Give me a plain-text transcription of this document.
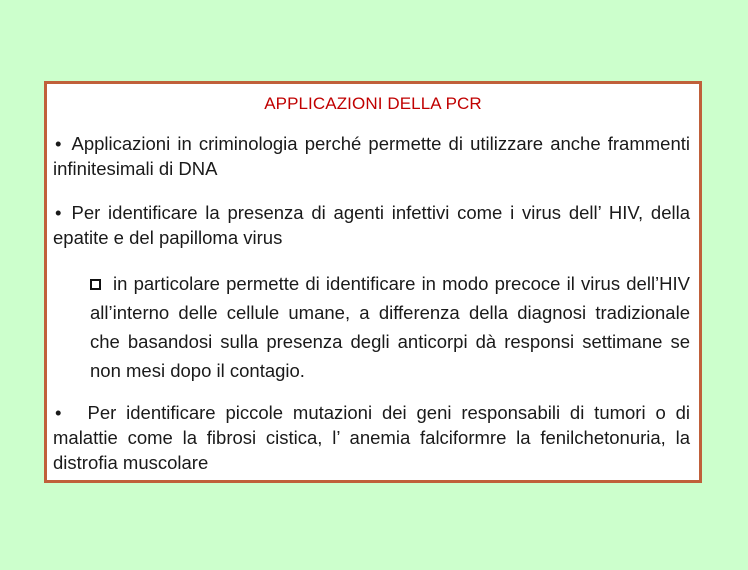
APPLICAZIONI DELLA PCR

• Applicazioni in criminologia perché permette di utilizzare anche frammenti infinitesimali di DNA

• Per identificare la presenza di agenti infettivi come i virus dell’ HIV, della epatite e del papilloma virus

in particolare permette di identificare in modo precoce il virus dell’HIV all’interno delle cellule umane, a differenza della diagnosi tradizionale che basandosi sulla presenza degli anticorpi dà responsi settimane se non mesi dopo il contagio.

• Per identificare piccole mutazioni dei geni responsabili di tumori o di malattie come la fibrosi cistica, l’ anemia falciformre la fenilchetonuria, la distrofia muscolare
